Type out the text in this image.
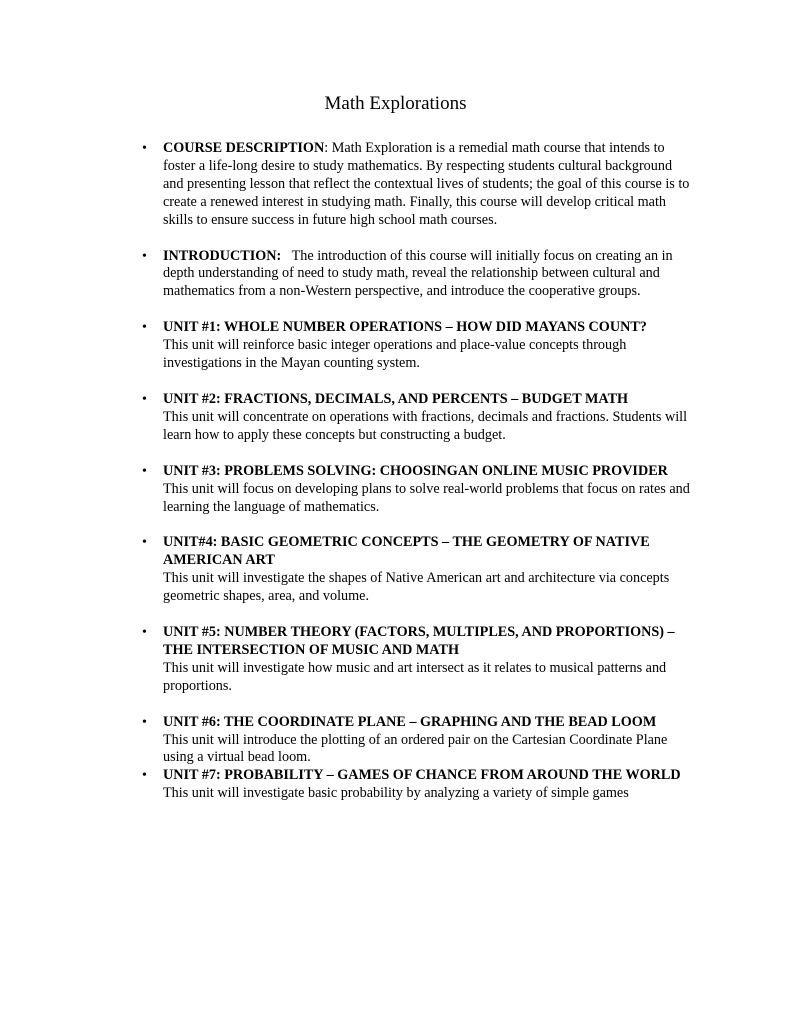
Math Explorations
• COURSE DESCRIPTION: Math Exploration is a remedial math course that intends to foster a life-long desire to study mathematics. By respecting students cultural background and presenting lesson that reflect the contextual lives of students; the goal of this course is to create a renewed interest in studying math. Finally, this course will develop critical math skills to ensure success in future high school math courses.
• INTRODUCTION: The introduction of this course will initially focus on creating an in depth understanding of need to study math, reveal the relationship between cultural and mathematics from a non-Western perspective, and introduce the cooperative groups.
• UNIT #1: WHOLE NUMBER OPERATIONS – HOW DID MAYANS COUNT?
This unit will reinforce basic integer operations and place-value concepts through investigations in the Mayan counting system.
• UNIT #2: FRACTIONS, DECIMALS, AND PERCENTS – BUDGET MATH
This unit will concentrate on operations with fractions, decimals and fractions. Students will learn how to apply these concepts but constructing a budget.
• UNIT #3: PROBLEMS SOLVING: CHOOSINGAN ONLINE MUSIC PROVIDER
This unit will focus on developing plans to solve real-world problems that focus on rates and learning the language of mathematics.
• UNIT#4: BASIC GEOMETRIC CONCEPTS – THE GEOMETRY OF NATIVE AMERICAN ART
This unit will investigate the shapes of Native American art and architecture via concepts geometric shapes, area, and volume.
• UNIT #5: NUMBER THEORY (FACTORS, MULTIPLES, AND PROPORTIONS) – THE INTERSECTION OF MUSIC AND MATH
This unit will investigate how music and art intersect as it relates to musical patterns and proportions.
• UNIT #6: THE COORDINATE PLANE – GRAPHING AND THE BEAD LOOM
This unit will introduce the plotting of an ordered pair on the Cartesian Coordinate Plane using a virtual bead loom.
• UNIT #7: PROBABILITY – GAMES OF CHANCE FROM AROUND THE WORLD
This unit will investigate basic probability by analyzing a variety of simple games
